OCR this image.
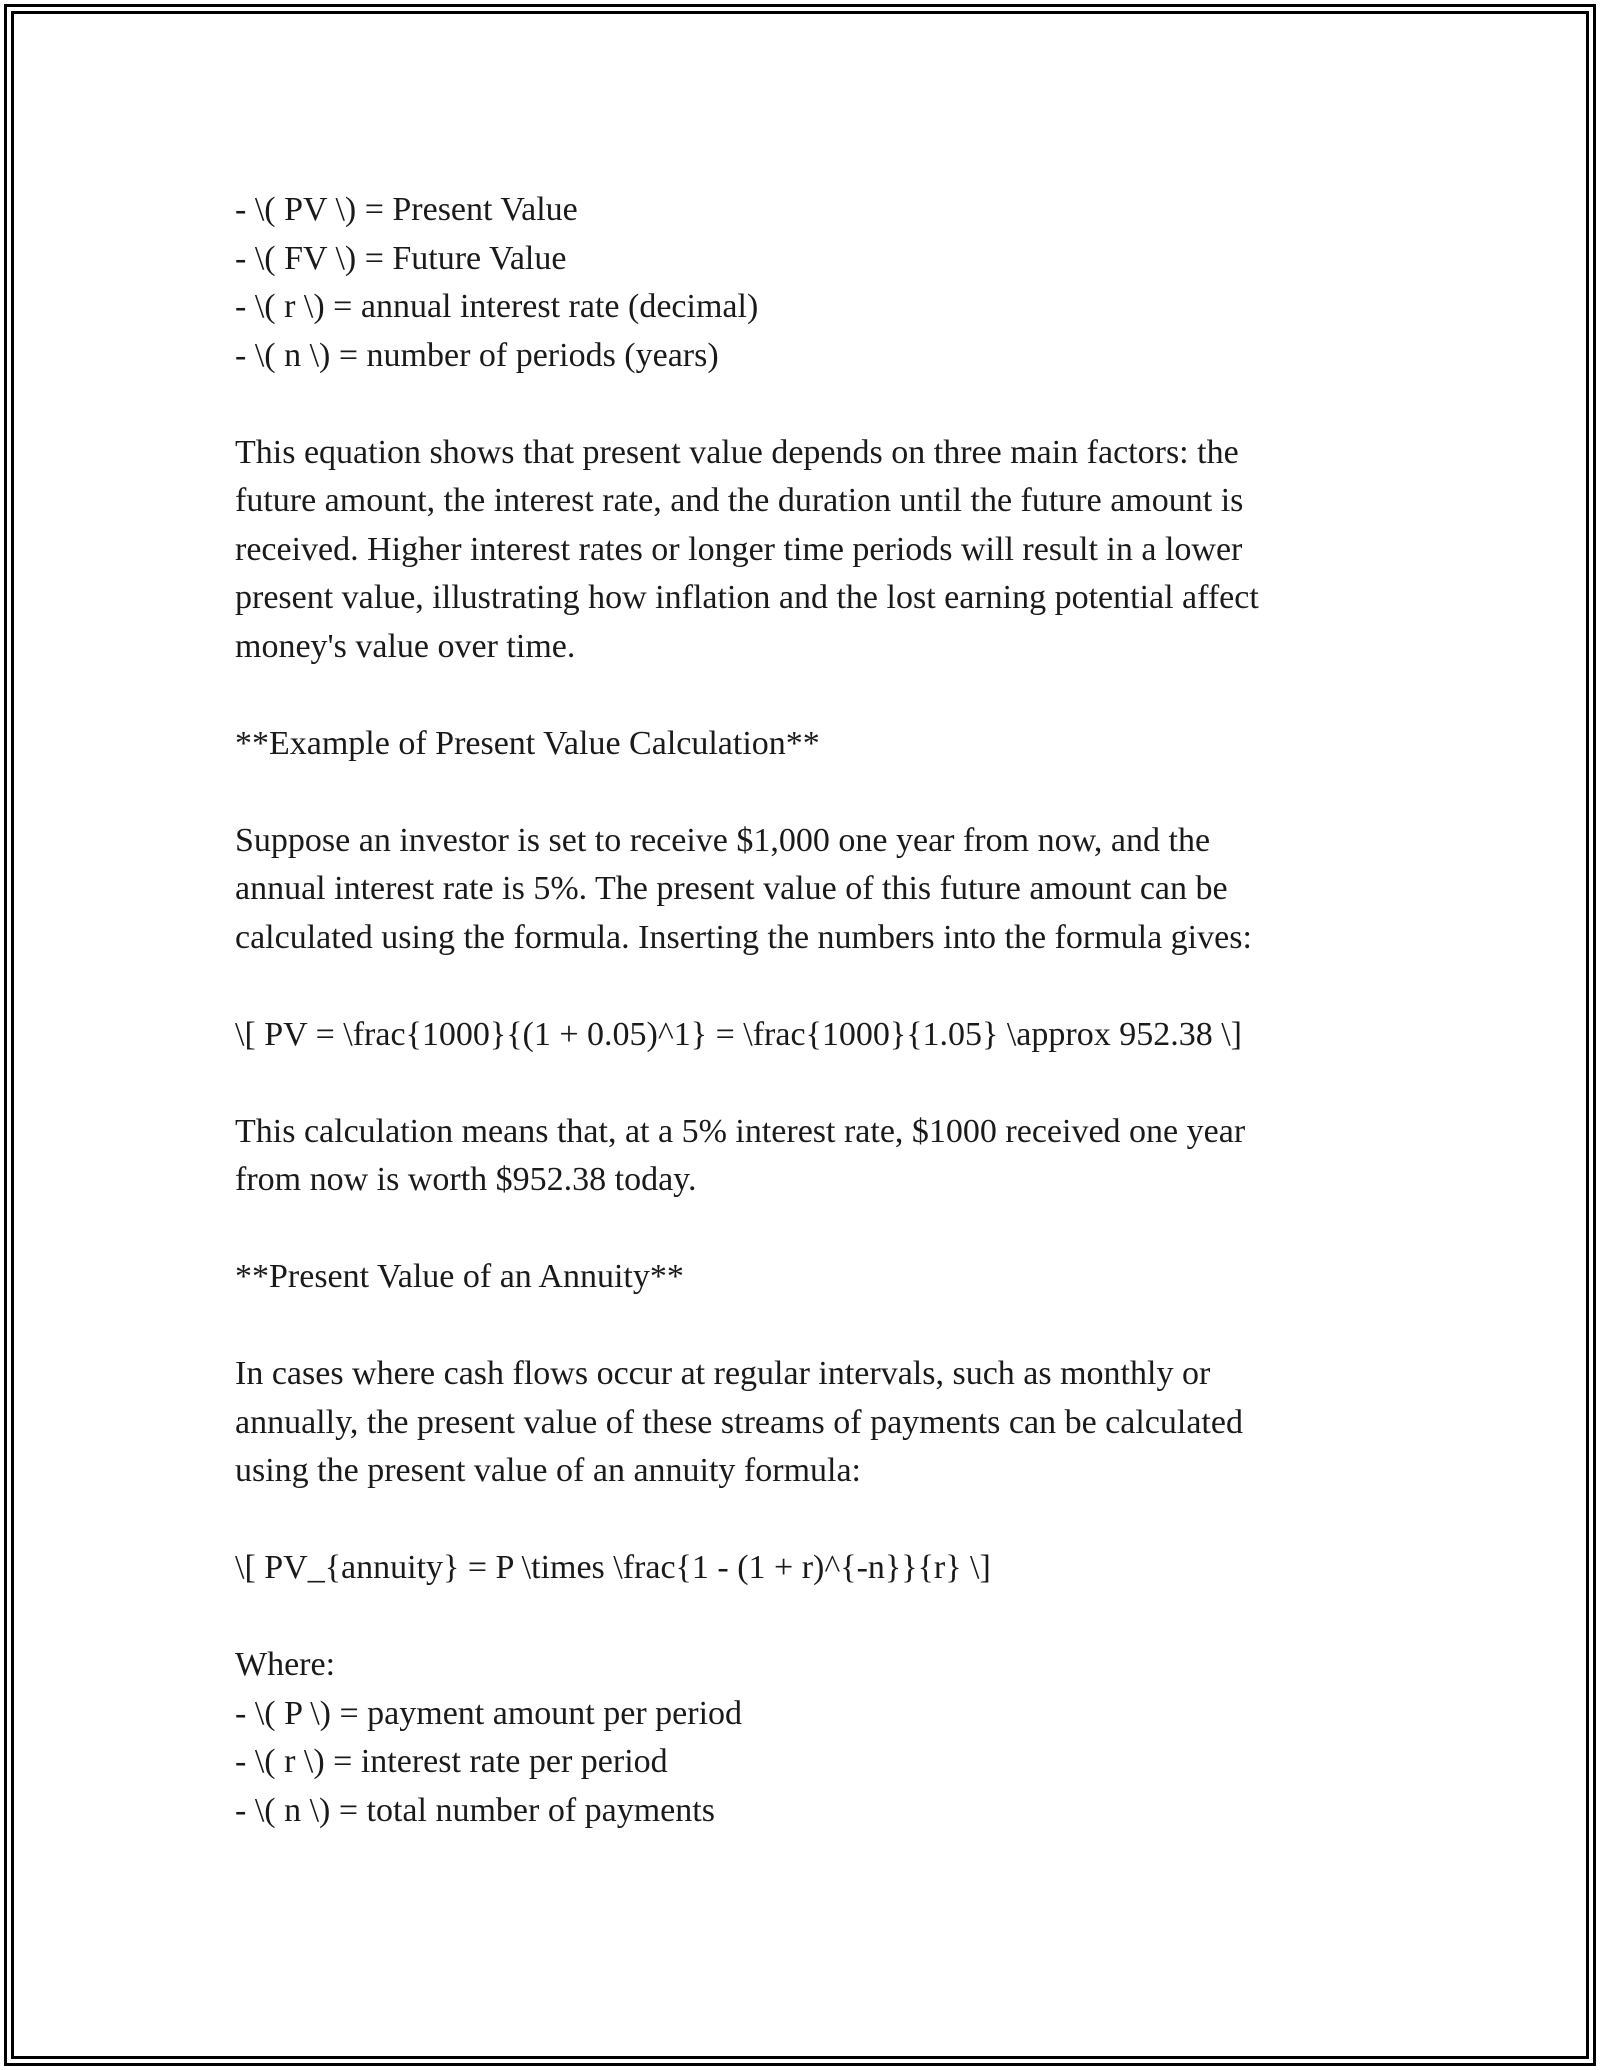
- \( PV \) = Present Value
- \( FV \) = Future Value
- \( r \) = annual interest rate (decimal)
- \( n \) = number of periods (years)
This equation shows that present value depends on three main factors: the
future amount, the interest rate, and the duration until the future amount is
received. Higher interest rates or longer time periods will result in a lower
present value, illustrating how inflation and the lost earning potential affect
money's value over time.
**Example of Present Value Calculation**
Suppose an investor is set to receive $1,000 one year from now, and the
annual interest rate is 5%. The present value of this future amount can be
calculated using the formula. Inserting the numbers into the formula gives:
\[ PV = \frac{1000}{(1 + 0.05)^1} = \frac{1000}{1.05} \approx 952.38 \]
This calculation means that, at a 5% interest rate, $1000 received one year
from now is worth $952.38 today.
**Present Value of an Annuity**
In cases where cash flows occur at regular intervals, such as monthly or
annually, the present value of these streams of payments can be calculated
using the present value of an annuity formula:
\[ PV_{annuity} = P \times \frac{1 - (1 + r)^{-n}}{r} \]
Where:
- \( P \) = payment amount per period
- \( r \) = interest rate per period
- \( n \) = total number of payments
